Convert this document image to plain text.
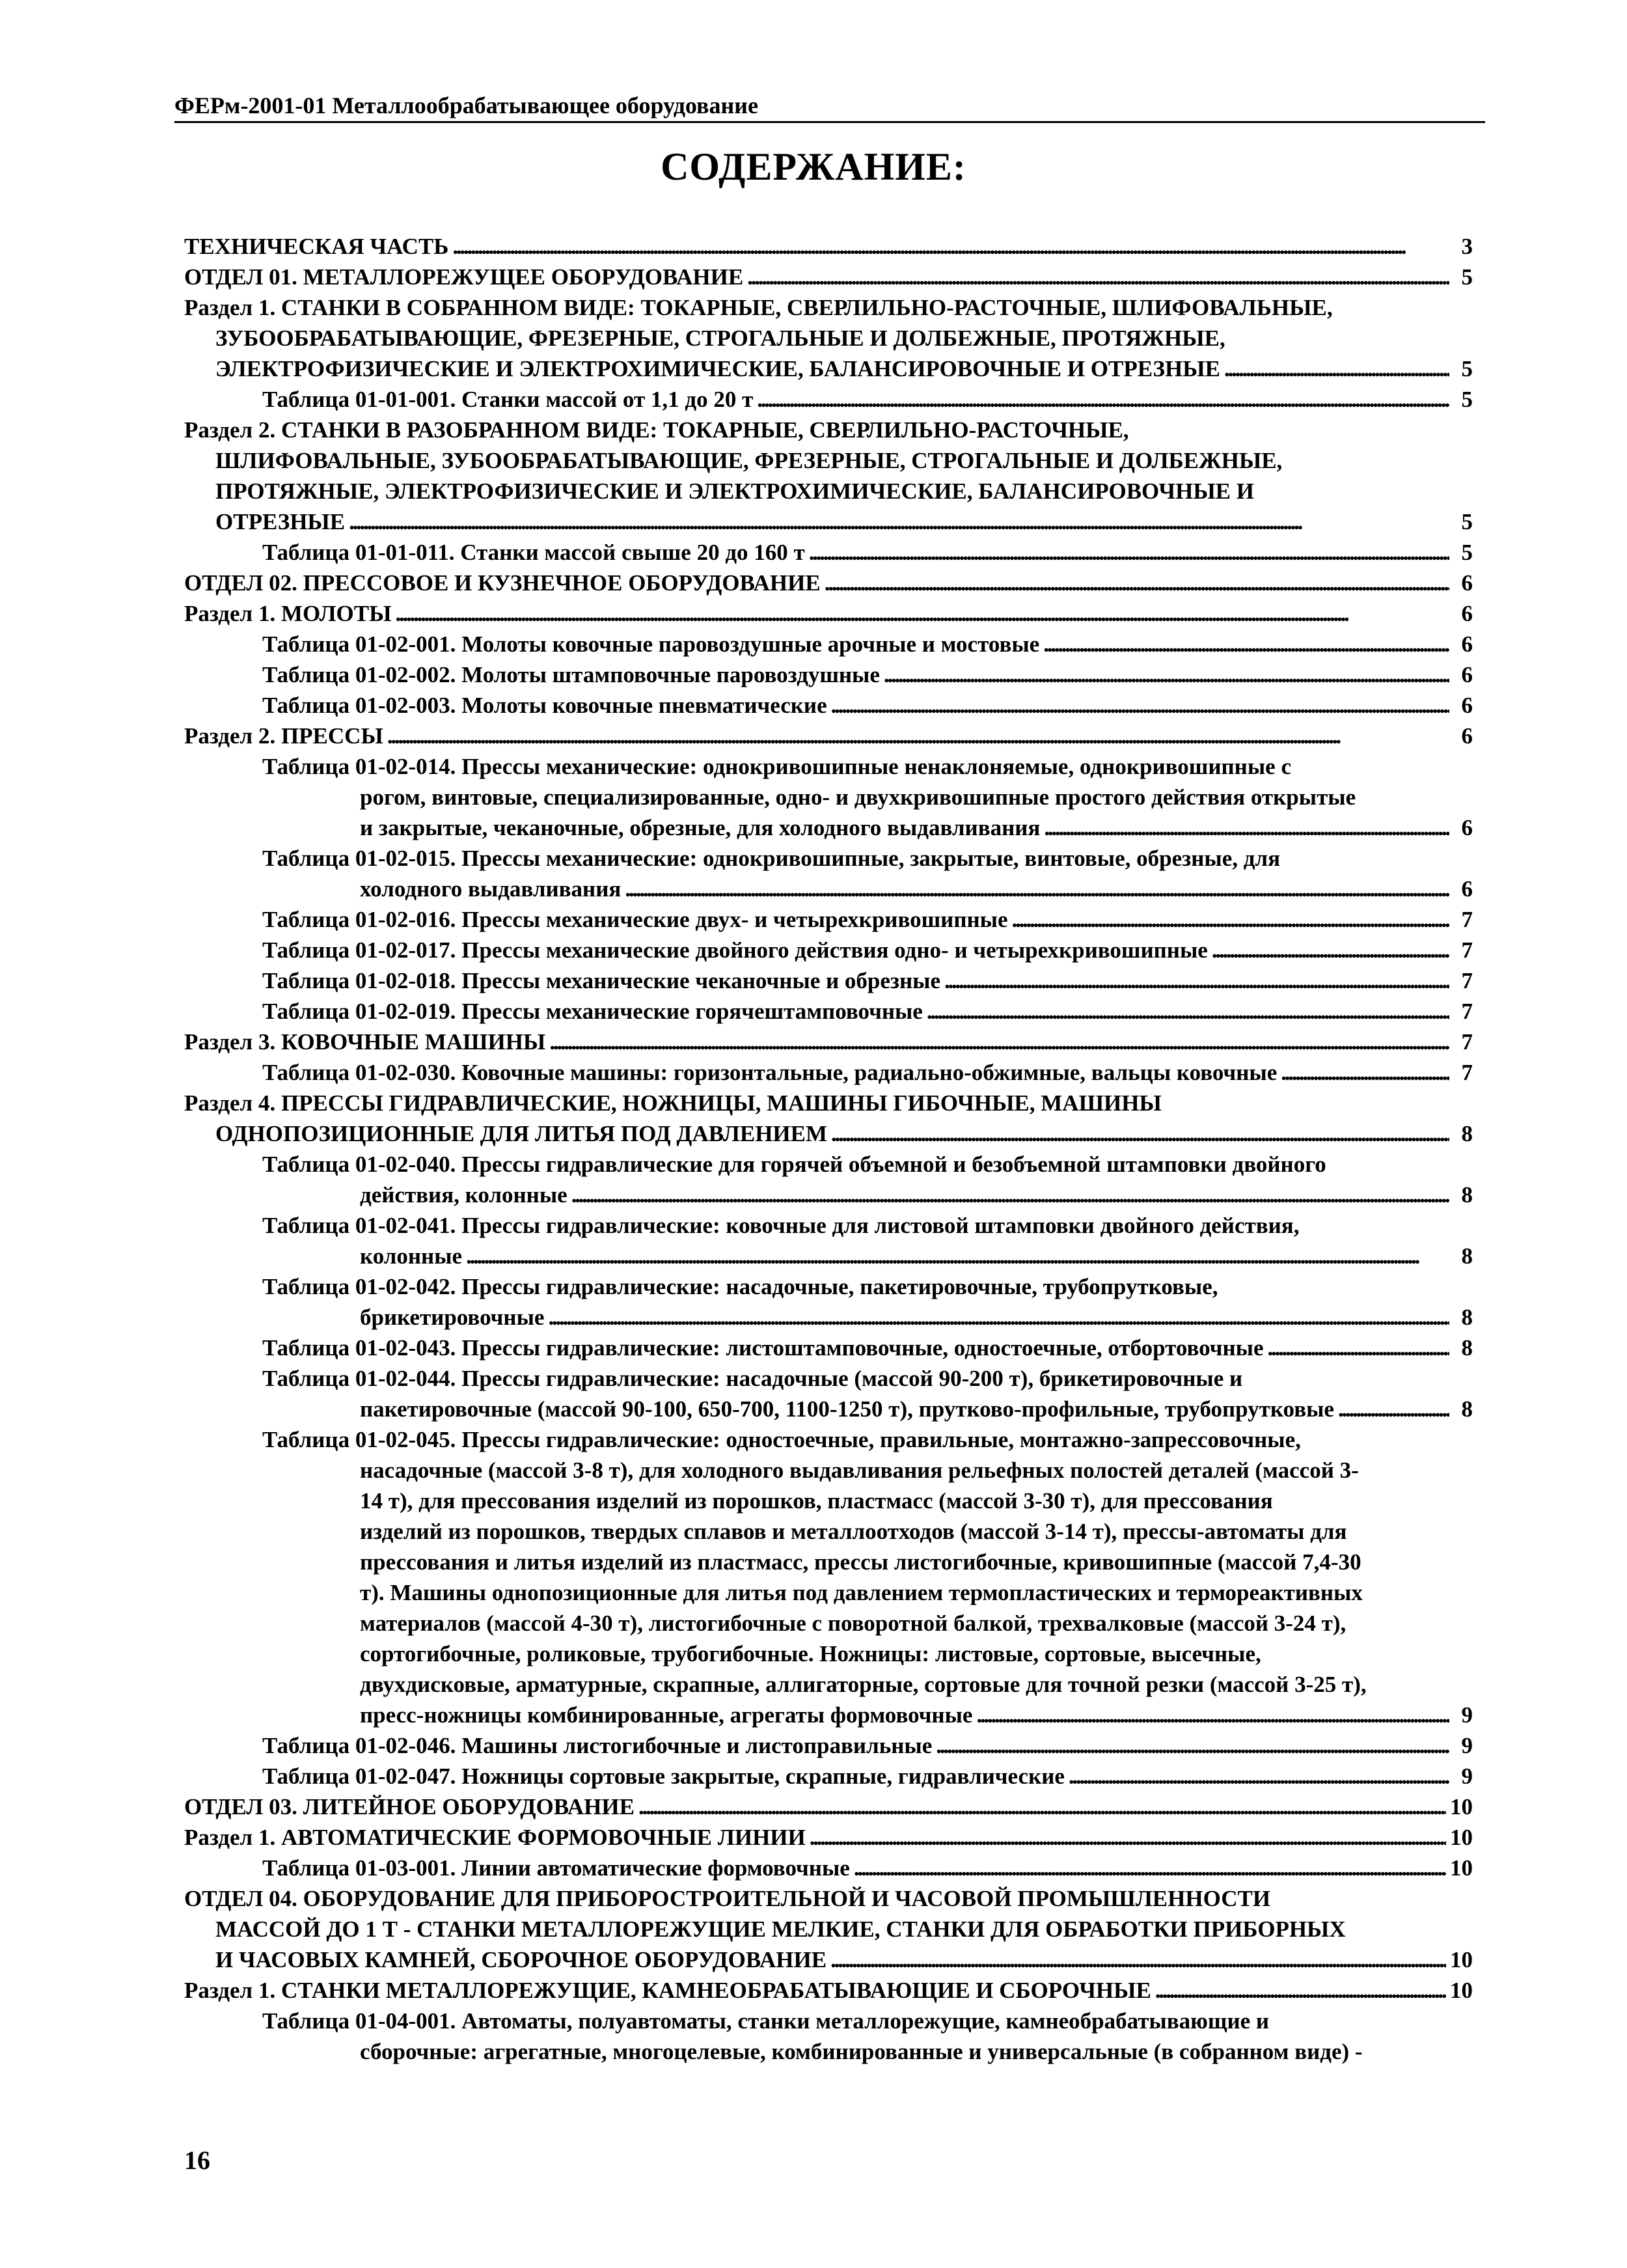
ФЕРм-2001-01 Металлообрабатывающее оборудование
СОДЕРЖАНИЕ:
ТЕХНИЧЕСКАЯ ЧАСТЬ . . .	3
ОТДЕЛ 01. МЕТАЛЛОРЕЖУЩЕЕ ОБОРУДОВАНИЕ . . .	5
Раздел 1. СТАНКИ В СОБРАННОМ ВИДЕ: ТОКАРНЫЕ, СВЕРЛИЛЬНО-РАСТОЧНЫЕ, ШЛИФОВАЛЬНЫЕ,
ЗУБООБРАБАТЫВАЮЩИЕ, ФРЕЗЕРНЫЕ, СТРОГАЛЬНЫЕ И ДОЛБЕЖНЫЕ, ПРОТЯЖНЫЕ,
ЭЛЕКТРОФИЗИЧЕСКИЕ И ЭЛЕКТРОХИМИЧЕСКИЕ, БАЛАНСИРОВОЧНЫЕ И ОТРЕЗНЫЕ . . .	5
Таблица 01-01-001. Станки массой от 1,1 до 20 т . . .	5
Раздел 2. СТАНКИ В РАЗОБРАННОМ ВИДЕ: ТОКАРНЫЕ, СВЕРЛИЛЬНО-РАСТОЧНЫЕ,
ШЛИФОВАЛЬНЫЕ, ЗУБООБРАБАТЫВАЮЩИЕ, ФРЕЗЕРНЫЕ, СТРОГАЛЬНЫЕ И ДОЛБЕЖНЫЕ,
ПРОТЯЖНЫЕ, ЭЛЕКТРОФИЗИЧЕСКИЕ И ЭЛЕКТРОХИМИЧЕСКИЕ, БАЛАНСИРОВОЧНЫЕ И
ОТРЕЗНЫЕ . . .	5
Таблица 01-01-011. Станки массой свыше 20 до 160 т . . .	5
ОТДЕЛ 02. ПРЕССОВОЕ И КУЗНЕЧНОЕ ОБОРУДОВАНИЕ . . .	6
Раздел 1. МОЛОТЫ . . .	6
Таблица 01-02-001. Молоты ковочные паровоздушные арочные и мостовые . . .	6
Таблица 01-02-002. Молоты штамповочные паровоздушные . . .	6
Таблица 01-02-003. Молоты ковочные пневматические . . .	6
Раздел 2. ПРЕССЫ . . .	6
Таблица 01-02-014. Прессы механические: однокривошипные ненаклоняемые, однокривошипные с
рогом, винтовые, специализированные, одно- и двухкривошипные простого действия открытые
и закрытые, чеканочные, обрезные, для холодного выдавливания . . .	6
Таблица 01-02-015. Прессы механические: однокривошипные, закрытые, винтовые, обрезные, для
холодного выдавливания . . .	6
Таблица 01-02-016. Прессы механические двух- и четырехкривошипные . . .	7
Таблица 01-02-017. Прессы механические двойного действия одно- и четырехкривошипные . . .	7
Таблица 01-02-018. Прессы механические чеканочные и обрезные . . .	7
Таблица 01-02-019. Прессы механические горячештамповочные . . .	7
Раздел 3. КОВОЧНЫЕ МАШИНЫ . . .	7
Таблица 01-02-030. Ковочные машины: горизонтальные, радиально-обжимные, вальцы ковочные . . .	7
Раздел 4. ПРЕССЫ ГИДРАВЛИЧЕСКИЕ, НОЖНИЦЫ, МАШИНЫ ГИБОЧНЫЕ, МАШИНЫ
ОДНОПОЗИЦИОННЫЕ ДЛЯ ЛИТЬЯ ПОД ДАВЛЕНИЕМ . . .	8
Таблица 01-02-040. Прессы гидравлические для горячей объемной и безобъемной штамповки двойного
действия, колонные . . .	8
Таблица 01-02-041. Прессы гидравлические: ковочные для листовой штамповки двойного действия,
колонные . . .	8
Таблица 01-02-042. Прессы гидравлические: насадочные, пакетировочные, трубопрутковые,
брикетировочные . . .	8
Таблица 01-02-043. Прессы гидравлические: листоштамповочные, одностоечные, отбортовочные . . .	8
Таблица 01-02-044. Прессы гидравлические: насадочные (массой 90-200 т), брикетировочные и
пакетировочные (массой 90-100, 650-700, 1100-1250 т), прутково-профильные, трубопрутковые . . .	8
Таблица 01-02-045. Прессы гидравлические: одностоечные, правильные, монтажно-запрессовочные,
насадочные (массой 3-8 т), для холодного выдавливания рельефных полостей деталей (массой 3-
14 т), для прессования изделий из порошков, пластмасс (массой 3-30 т), для прессования
изделий из порошков, твердых сплавов и металлоотходов (массой 3-14 т), прессы-автоматы для
прессования и литья изделий из пластмасс, прессы листогибочные, кривошипные (массой 7,4-30
т). Машины однопозиционные для литья под давлением термопластических и термореактивных
материалов (массой 4-30 т), листогибочные с поворотной балкой, трехвалковые (массой 3-24 т),
сортогибочные, роликовые, трубогибочные. Ножницы: листовые, сортовые, высечные,
двухдисковые, арматурные, скрапные, аллигаторные, сортовые для точной резки (массой 3-25 т),
пресс-ножницы комбинированные, агрегаты формовочные . . .	9
Таблица 01-02-046. Машины листогибочные и листоправильные . . .	9
Таблица 01-02-047. Ножницы сортовые закрытые, скрапные, гидравлические . . .	9
ОТДЕЛ 03. ЛИТЕЙНОЕ ОБОРУДОВАНИЕ . . .	10
Раздел 1. АВТОМАТИЧЕСКИЕ ФОРМОВОЧНЫЕ ЛИНИИ . . .	10
Таблица 01-03-001. Линии автоматические формовочные . . .	10
ОТДЕЛ 04. ОБОРУДОВАНИЕ ДЛЯ ПРИБОРОСТРОИТЕЛЬНОЙ И ЧАСОВОЙ ПРОМЫШЛЕННОСТИ
МАССОЙ ДО 1 Т - СТАНКИ МЕТАЛЛОРЕЖУЩИЕ МЕЛКИЕ, СТАНКИ ДЛЯ ОБРАБОТКИ ПРИБОРНЫХ
И ЧАСОВЫХ КАМНЕЙ, СБОРОЧНОЕ ОБОРУДОВАНИЕ . . .	10
Раздел 1. СТАНКИ МЕТАЛЛОРЕЖУЩИЕ, КАМНЕОБРАБАТЫВАЮЩИЕ И СБОРОЧНЫЕ . . .	10
Таблица 01-04-001. Автоматы, полуавтоматы, станки металлорежущие, камнеобрабатывающие и
сборочные: агрегатные, многоцелевые, комбинированные и универсальные (в собранном виде) -
16
